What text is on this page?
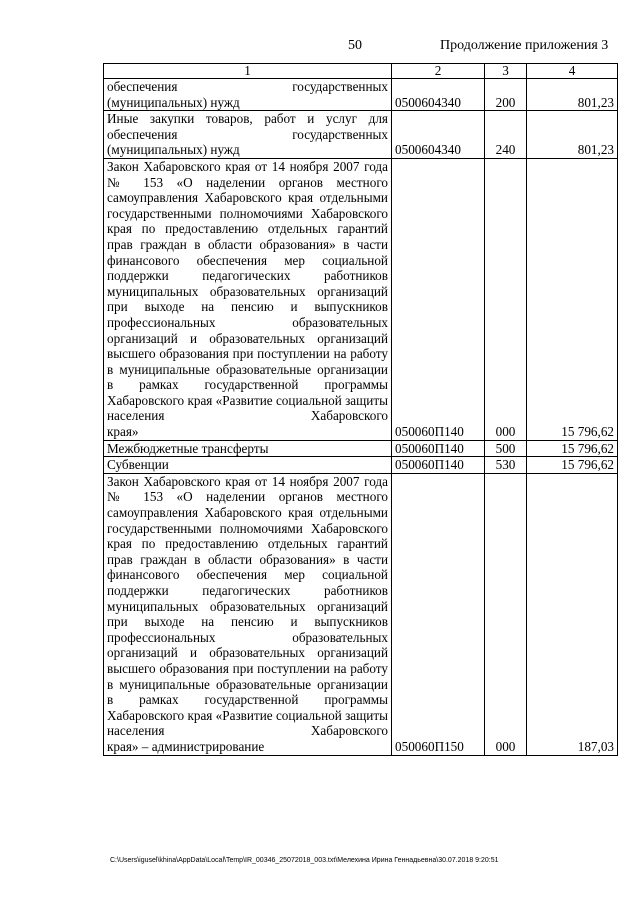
50	Продолжение приложения 3
1	2	3	4
обеспечения государственных
(муниципальных) нужд	0500604340	200	801,23
Иные закупки товаров, работ и услуг для обеспечения государственных
(муниципальных) нужд	0500604340	240	801,23
Закон Хабаровского края от 14 ноября 2007 года № 153 «О наделении органов местного самоуправления Хабаровского края отдельными государственными полномочиями Хабаровского края по предоставлению отдельных гарантий прав граждан в области образования» в части финансового обеспечения мер социальной поддержки педагогических работников муниципальных образовательных организаций при выходе на пенсию и выпускников профессиональных образовательных организаций и образовательных организаций высшего образования при поступлении на работу в муниципальные образовательные организации в рамках государственной программы Хабаровского края «Развитие социальной защиты населения Хабаровского
края»	050060П140	000	15 796,62
Межбюджетные трансферты	050060П140	500	15 796,62
Субвенции	050060П140	530	15 796,62
Закон Хабаровского края от 14 ноября 2007 года № 153 «О наделении органов местного самоуправления Хабаровского края отдельными государственными полномочиями Хабаровского края по предоставлению отдельных гарантий прав граждан в области образования» в части финансового обеспечения мер социальной поддержки педагогических работников муниципальных образовательных организаций при выходе на пенсию и выпускников профессиональных образовательных организаций и образовательных организаций высшего образования при поступлении на работу в муниципальные образовательные организации в рамках государственной программы Хабаровского края «Развитие социальной защиты населения Хабаровского
края» – администрирование	050060П150	000	187,03
C:\Users\igusel\khina\AppData\Local\Temp\IR_00346_25072018_003.txt\Мелехина Ирина Геннадьевна\30.07.2018 9:20:51
